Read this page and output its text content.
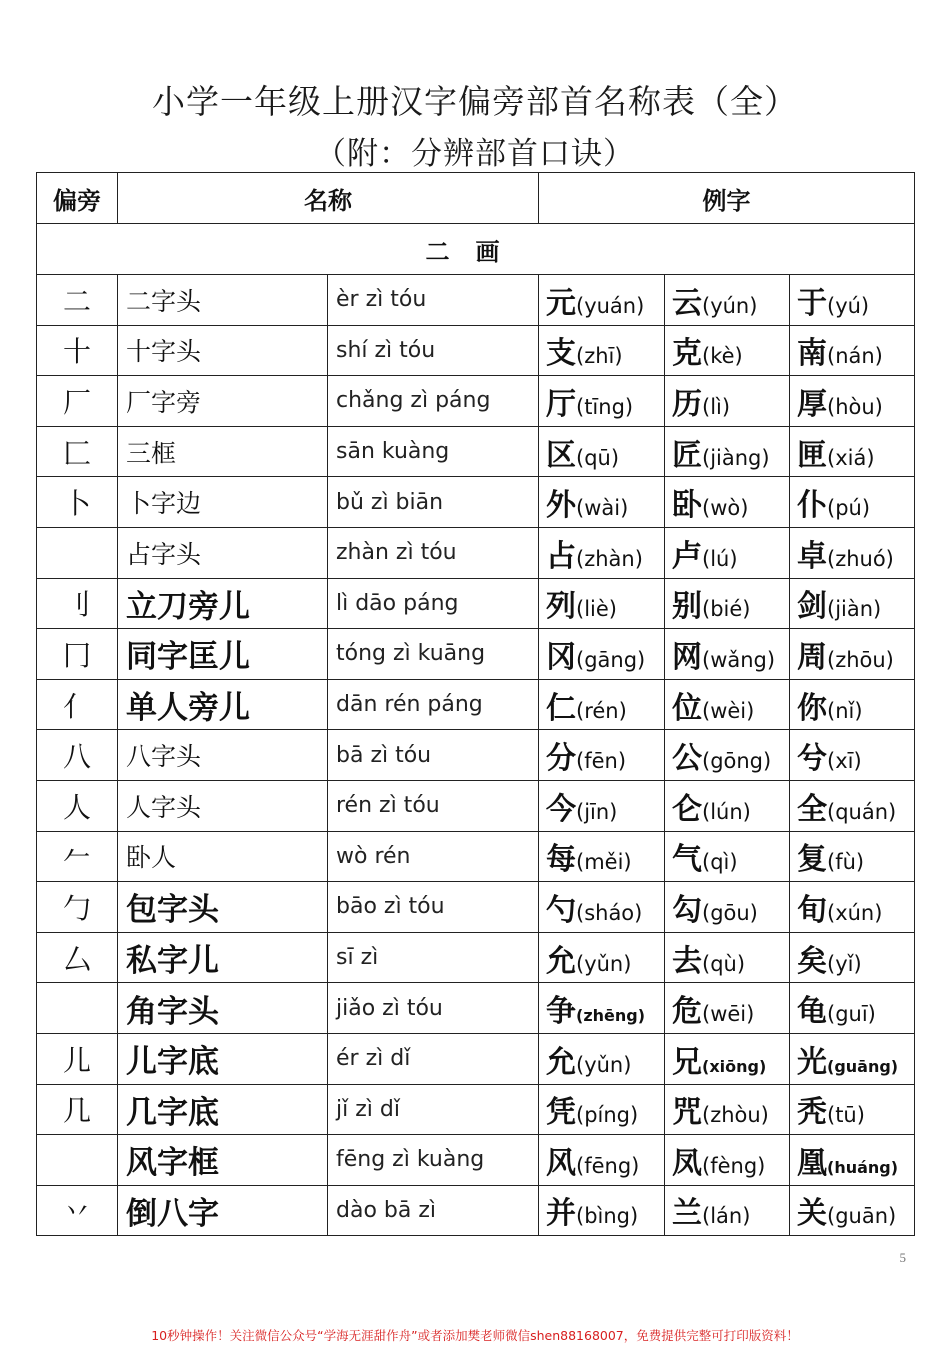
小学一年级上册汉字偏旁部首名称表（全）
（附：分辨部首口诀）
偏旁	名称		例字		
二画					
二	二字头	èr zì tóu	元(yuán)	云(yún)	于(yú)
十	十字头	shí zì tóu	支(zhī)	克(kè)	南(nán)
厂	厂字旁	chǎng zì páng	厅(tīng)	历(lì)	厚(hòu)
匚	三框	sān kuàng	区(qū)	匠(jiàng)	匣(xiá)
卜	卜字边	bǔ zì biān	外(wài)	卧(wò)	仆(pú)
	占字头	zhàn zì tóu	占(zhàn)	卢(lú)	卓(zhuó)
刂	立刀旁儿	lì dāo páng	列(liè)	别(bié)	剑(jiàn)
冂	同字匡儿	tóng zì kuāng	冈(gāng)	网(wǎng)	周(zhōu)
亻	单人旁儿	dān rén páng	仁(rén)	位(wèi)	你(nǐ)
八	八字头	bā zì tóu	分(fēn)	公(gōng)	兮(xī)
人	人字头	rén zì tóu	今(jīn)	仑(lún)	全(quán)
𠂉	卧人	wò rén	每(měi)	气(qì)	复(fù)
勹	包字头	bāo zì tóu	勺(sháo)	勾(gōu)	旬(xún)
厶	私字儿	sī zì	允(yǔn)	去(qù)	矣(yǐ)
	角字头	jiǎo zì tóu	争(zhēng)	危(wēi)	龟(guī)
儿	儿字底	ér zì dǐ	允(yǔn)	兄(xiōng)	光(guāng)
几	几字底	jǐ zì dǐ	凭(píng)	咒(zhòu)	秃(tū)
	风字框	fēng zì kuàng	风(fēng)	凤(fèng)	凰(huáng)
丷	倒八字	dào bā zì	并(bìng)	兰(lán)	关(guān)
5
10秒钟操作！关注微信公众号“学海无涯甜作舟”或者添加樊老师微信shen88168007，免费提供完整可打印版资料！
